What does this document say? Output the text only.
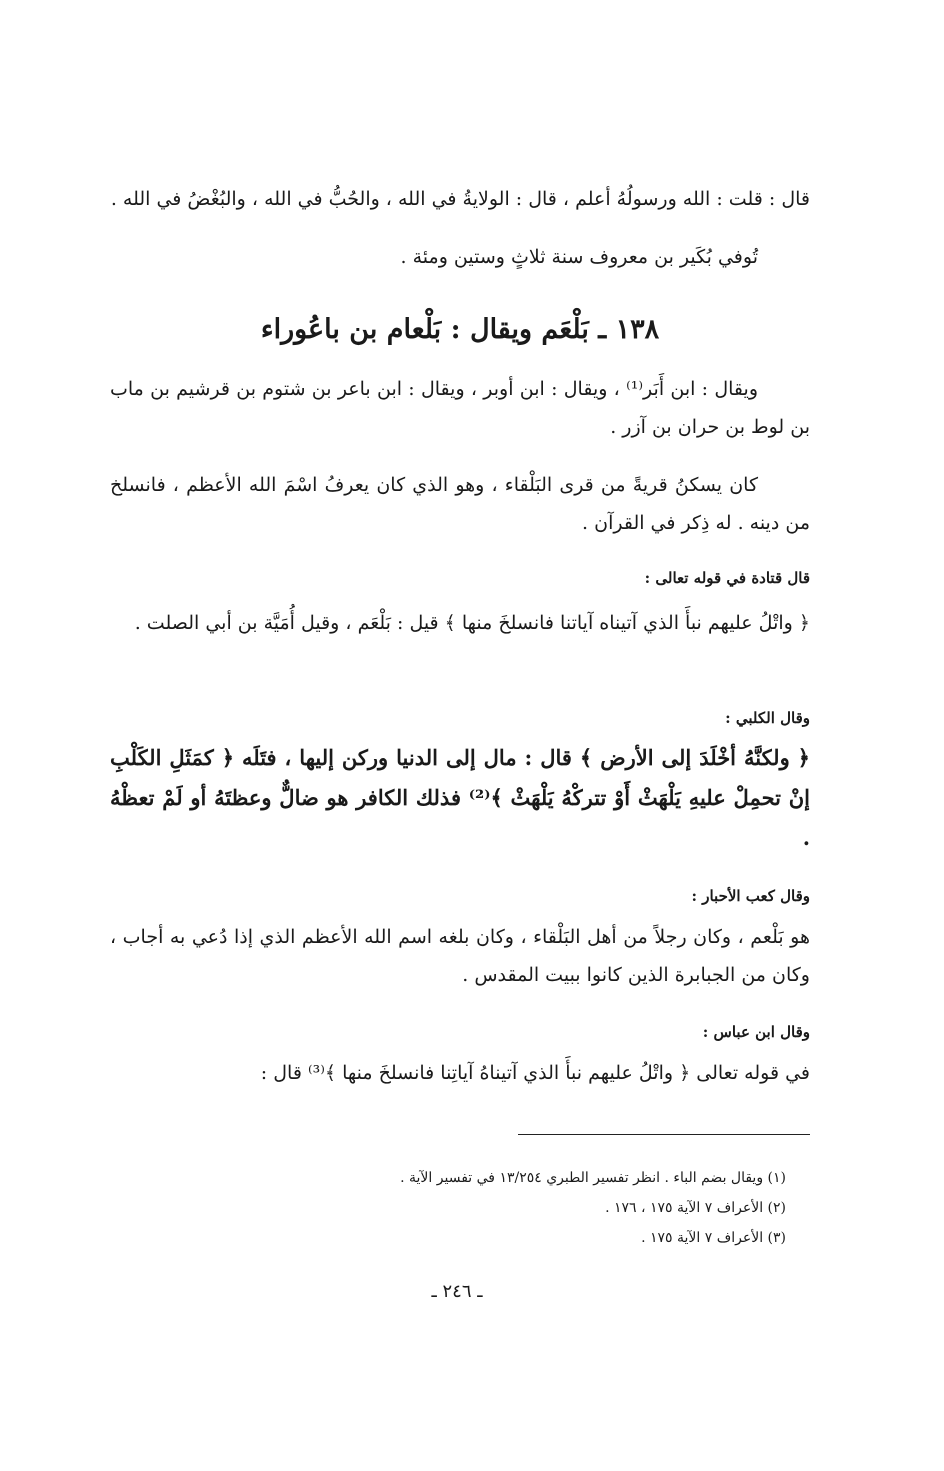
قال : قلت : الله ورسولُهُ أعلم ، قال : الولايةُ في الله ، والحُبُّ في الله ، والبُغْضُ في الله .
تُوفي بُكَير بن معروف سنة ثلاثٍ وستين ومئة .
١٣٨ ـ بَلْعَم ويقال : بَلْعام بن باعُوراء
ويقال : ابن أَبَر⁽¹⁾ ، ويقال : ابن أوبر ، ويقال : ابن باعر بن شتوم بن قرشيم بن ماب بن لوط بن حران بن آزر .
كان يسكنُ قريةً من قرى البَلْقاء ، وهو الذي كان يعرفُ اسْمَ الله الأعظم ، فانسلخ من دينه . له ذِكر في القرآن .
قال قتادة في قوله تعالى :
﴿ واتْلُ عليهم نبأَ الذي آتيناه آياتنا فانسلخَ منها ﴾ قيل : بَلْعَم ، وقيل أُمَيَّة بن أبي الصلت .
وقال الكلبي :
﴿ ولكنَّهُ أخْلَدَ إلى الأرض ﴾ قال : مال إلى الدنيا وركن إليها ، فتَلَه ﴿ كمَثَلِ الكَلْبِ إنْ تحمِلْ عليهِ يَلْهَثْ أَوْ تتركْهُ يَلْهَثْ ﴾⁽²⁾ فذلك الكافر هو ضالٌّ وعظتَهُ أو لَمْ تعظْهُ .
وقال كعب الأحبار :
هو بَلْعم ، وكان رجلاً من أهل البَلْقاء ، وكان بلغه اسم الله الأعظم الذي إذا دُعي به أجاب ، وكان من الجبابرة الذين كانوا ببيت المقدس .
وقال ابن عباس :
في قوله تعالى ﴿ واتْلُ عليهم نبأَ الذي آتيناهُ آياتِنا فانسلخَ منها ﴾⁽³⁾ قال :
(١) ويقال بضم الباء . انظر تفسير الطبري ١٣/٢٥٤ في تفسير الآية .
(٢) الأعراف ٧ الآية ١٧٥ ، ١٧٦ .
(٣) الأعراف ٧ الآية ١٧٥ .
ـ ٢٤٦ ـ
